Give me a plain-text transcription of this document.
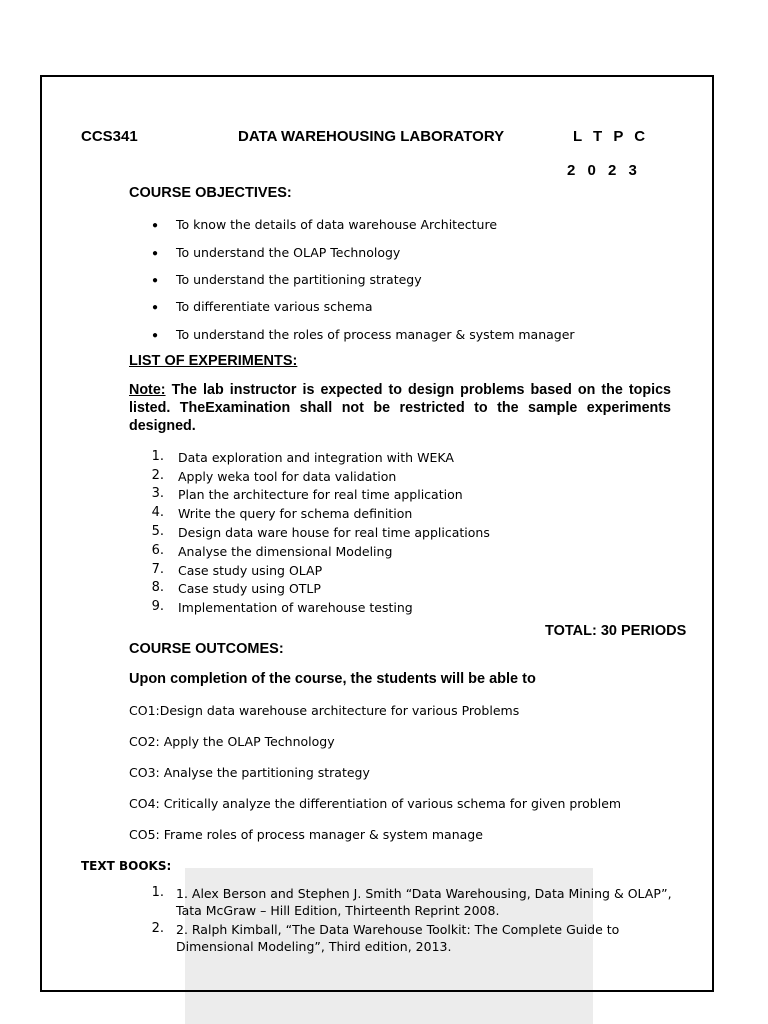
CCS341	DATA WAREHOUSING LABORATORY	L T P C
2 0 2 3
COURSE OBJECTIVES:
● To know the details of data warehouse Architecture
● To understand the OLAP Technology
● To understand the partitioning strategy
● To differentiate various schema
● To understand the roles of process manager & system manager
LIST OF EXPERIMENTS:
Note: The lab instructor is expected to design problems based on the topics listed. TheExamination shall not be restricted to the sample experiments designed.
1. Data exploration and integration with WEKA
2. Apply weka tool for data validation
3. Plan the architecture for real time application
4. Write the query for schema definition
5. Design data ware house for real time applications
6. Analyse the dimensional Modeling
7. Case study using OLAP
8. Case study using OTLP
9. Implementation of warehouse testing
TOTAL: 30 PERIODS
COURSE OUTCOMES:
Upon completion of the course, the students will be able to
CO1:Design data warehouse architecture for various Problems
CO2: Apply the OLAP Technology
CO3: Analyse the partitioning strategy
CO4: Critically analyze the differentiation of various schema for given problem
CO5: Frame roles of process manager & system manage
TEXT BOOKS:
1. 1. Alex Berson and Stephen J. Smith “Data Warehousing, Data Mining & OLAP”, Tata McGraw – Hill Edition, Thirteenth Reprint 2008.
2. 2. Ralph Kimball, “The Data Warehouse Toolkit: The Complete Guide to Dimensional Modeling”, Third edition, 2013.
